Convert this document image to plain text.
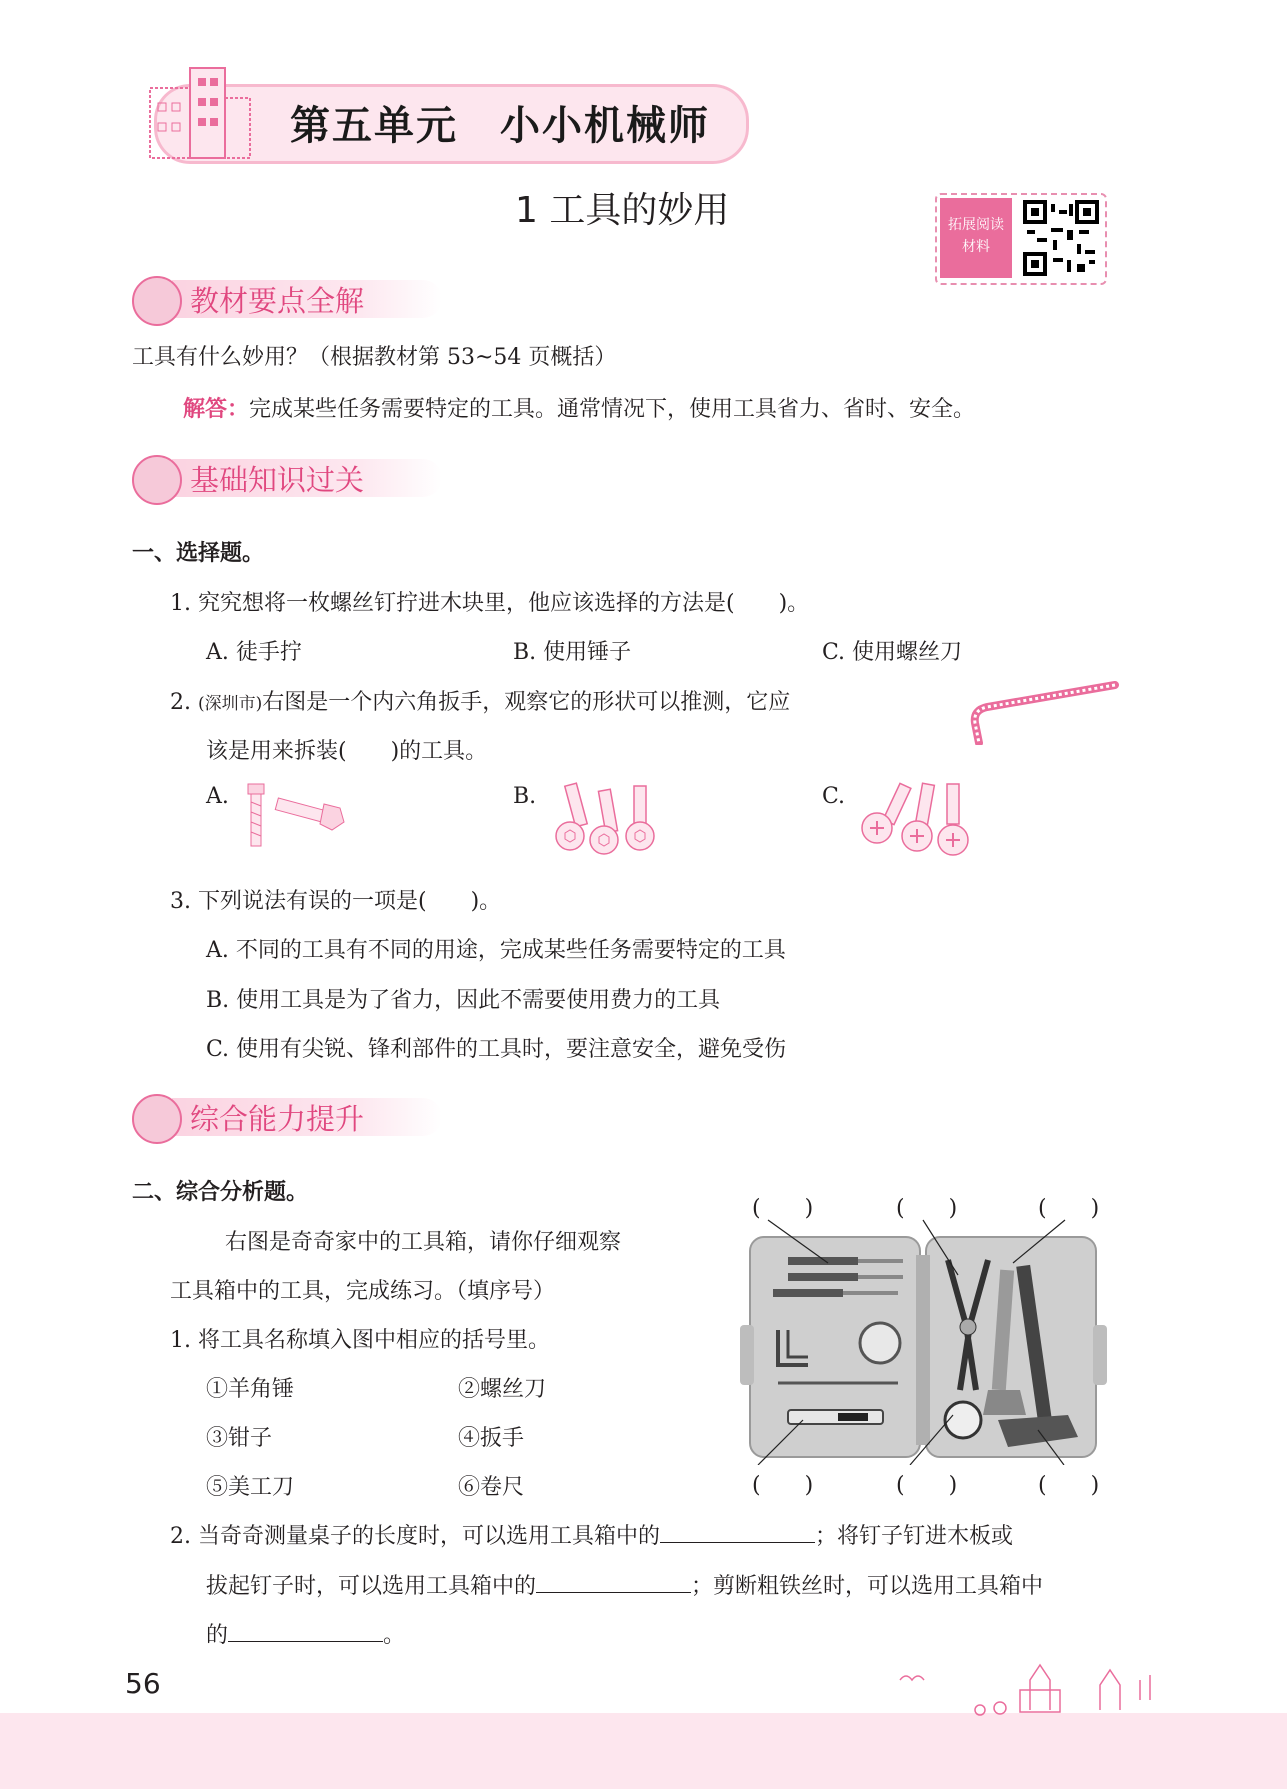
第五单元　小小机械师
1 工具的妙用	拓展阅读
材料
教材要点全解
工具有什么妙用？（根据教材第 53~54 页概括）
解答：完成某些任务需要特定的工具。通常情况下，使用工具省力、省时、安全。
基础知识过关
一、选择题。
1. 究究想将一枚螺丝钉拧进木块里，他应该选择的方法是(　　)。
A. 徒手拧	B. 使用锤子	C. 使用螺丝刀
2. (深圳市)右图是一个内六角扳手，观察它的形状可以推测，它应
该是用来拆装(　　)的工具。
A.	B.	C.
3. 下列说法有误的一项是(　　)。
A. 不同的工具有不同的用途，完成某些任务需要特定的工具
B. 使用工具是为了省力，因此不需要使用费力的工具
C. 使用有尖锐、锋利部件的工具时，要注意安全，避免受伤
综合能力提升
二、综合分析题。
右图是奇奇家中的工具箱，请你仔细观察
工具箱中的工具，完成练习。（填序号）
1. 将工具名称填入图中相应的括号里。
①羊角锤	②螺丝刀
③钳子	④扳手
⑤美工刀	⑥卷尺
(　　)	(　　)	(　　)
(　　)	(　　)	(　　)
2. 当奇奇测量桌子的长度时，可以选用工具箱中的	；将钉子钉进木板或
拔起钉子时，可以选用工具箱中的	；剪断粗铁丝时，可以选用工具箱中
的	。
56
